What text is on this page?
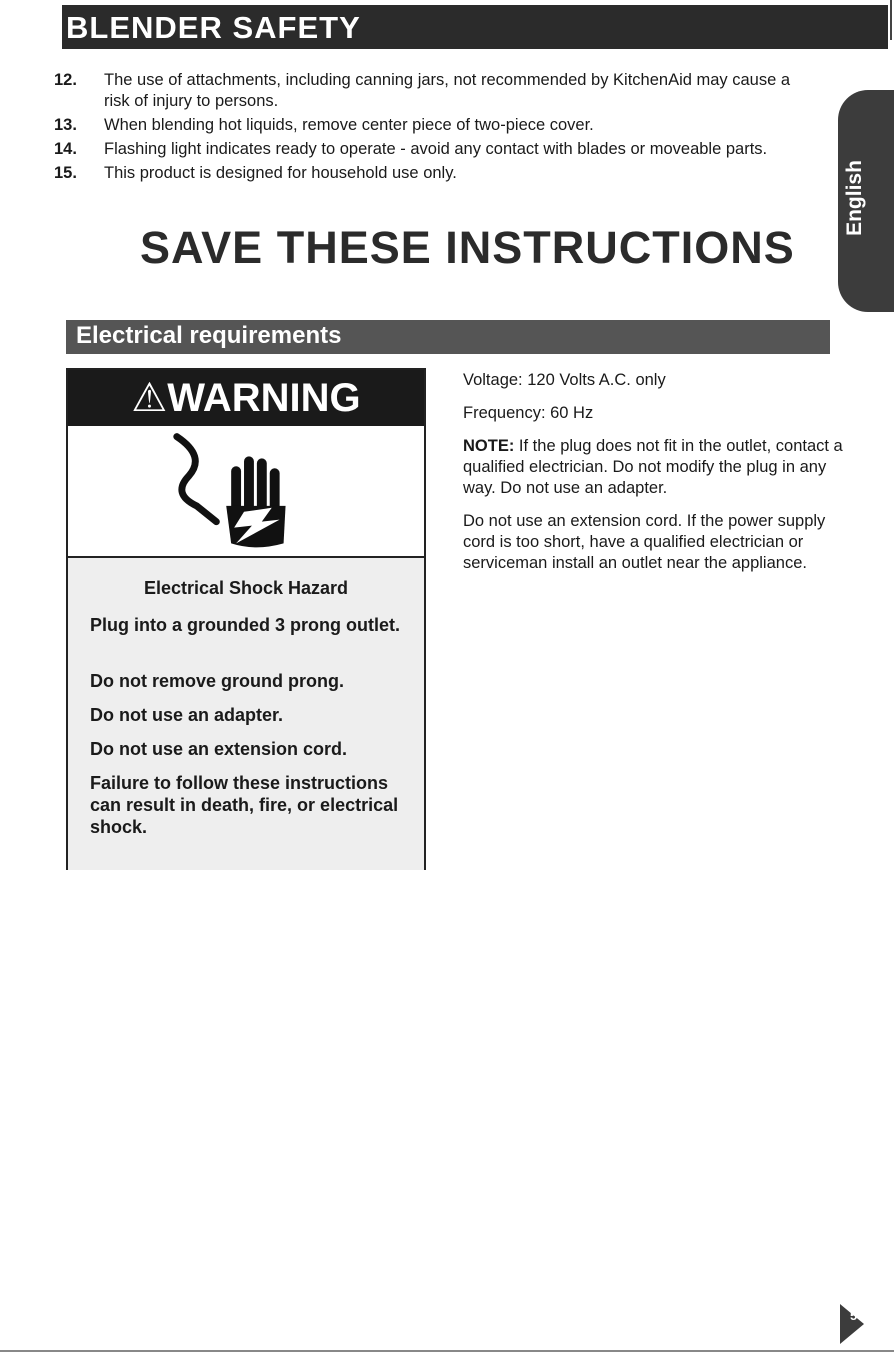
BLENDER SAFETY
12.	The use of attachments, including canning jars, not recommended by KitchenAid may cause a risk of injury to persons.
13.	When blending hot liquids, remove center piece of two-piece cover.
14.	Flashing light indicates ready to operate - avoid any contact with blades or moveable parts.
15.	This product is designed for household use only.
SAVE THESE INSTRUCTIONS
English
Electrical requirements
⚠WARNING

Electrical Shock Hazard

Plug into a grounded 3 prong outlet.

Do not remove ground prong.

Do not use an adapter.

Do not use an extension cord.

Failure to follow these instructions can result in death, fire, or electrical shock.

Voltage: 120 Volts A.C. only

Frequency: 60 Hz

NOTE: If the plug does not fit in the outlet, contact a qualified electrician. Do not modify the plug in any way. Do not use an adapter.

Do not use an extension cord. If the power supply cord is too short, have a qualified electrician or serviceman install an outlet near the appliance.

5
